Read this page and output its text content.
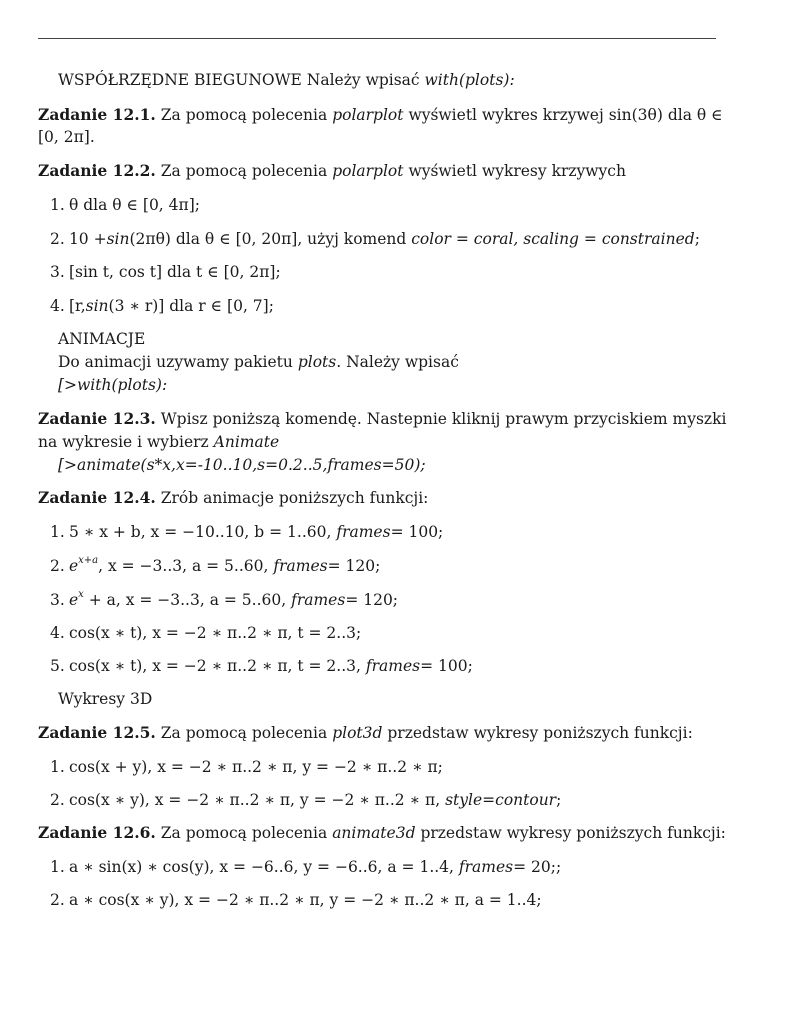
WSPÓŁRZĘDNE BIEGUNOWE Należy wpisać with(plots):
Zadanie 12.1. Za pomocą polecenia polarplot wyświetl wykres krzywej sin(3θ) dla θ ∈
[0, 2π].
Zadanie 12.2. Za pomocą polecenia polarplot wyświetl wykresy krzywych
1. θ dla θ ∈ [0, 4π];
2. 10 +sin(2πθ) dla θ ∈ [0, 20π], użyj komend color = coral, scaling = constrained;
3. [sin t, cos t] dla t ∈ [0, 2π];
4. [r,sin(3 ∗ r)] dla r ∈ [0, 7];
ANIMACJE
Do animacji uzywamy pakietu plots. Należy wpisać
[>with(plots):
Zadanie 12.3. Wpisz poniższą komendę. Nastepnie kliknij prawym przyciskiem myszki
na wykresie i wybierz Animate
[>animate(s*x,x=-10..10,s=0.2..5,frames=50);
Zadanie 12.4. Zrób animacje poniższych funkcji:
1. 5 ∗ x + b, x = −10..10, b = 1..60, frames= 100;
2. $e^{x+a}$, x = −3..3, a = 5..60, frames= 120;
3. $e^x + a$, x = −3..3, a = 5..60, frames= 120;
4. cos(x ∗ t), x = −2 ∗ π..2 ∗ π, t = 2..3;
5. cos(x ∗ t), x = −2 ∗ π..2 ∗ π, t = 2..3, frames= 100;
Wykresy 3D
Zadanie 12.5. Za pomocą polecenia plot3d przedstaw wykresy poniższych funkcji:
1. cos(x + y), x = −2 ∗ π..2 ∗ π, y = −2 ∗ π..2 ∗ π;
2. cos(x ∗ y), x = −2 ∗ π..2 ∗ π, y = −2 ∗ π..2 ∗ π, style=contour;
Zadanie 12.6. Za pomocą polecenia animate3d przedstaw wykresy poniższych funkcji:
1. a ∗ sin(x) ∗ cos(y), x = −6..6, y = −6..6, a = 1..4, frames= 20;;
2. a ∗ cos(x ∗ y), x = −2 ∗ π..2 ∗ π, y = −2 ∗ π..2 ∗ π, a = 1..4;
